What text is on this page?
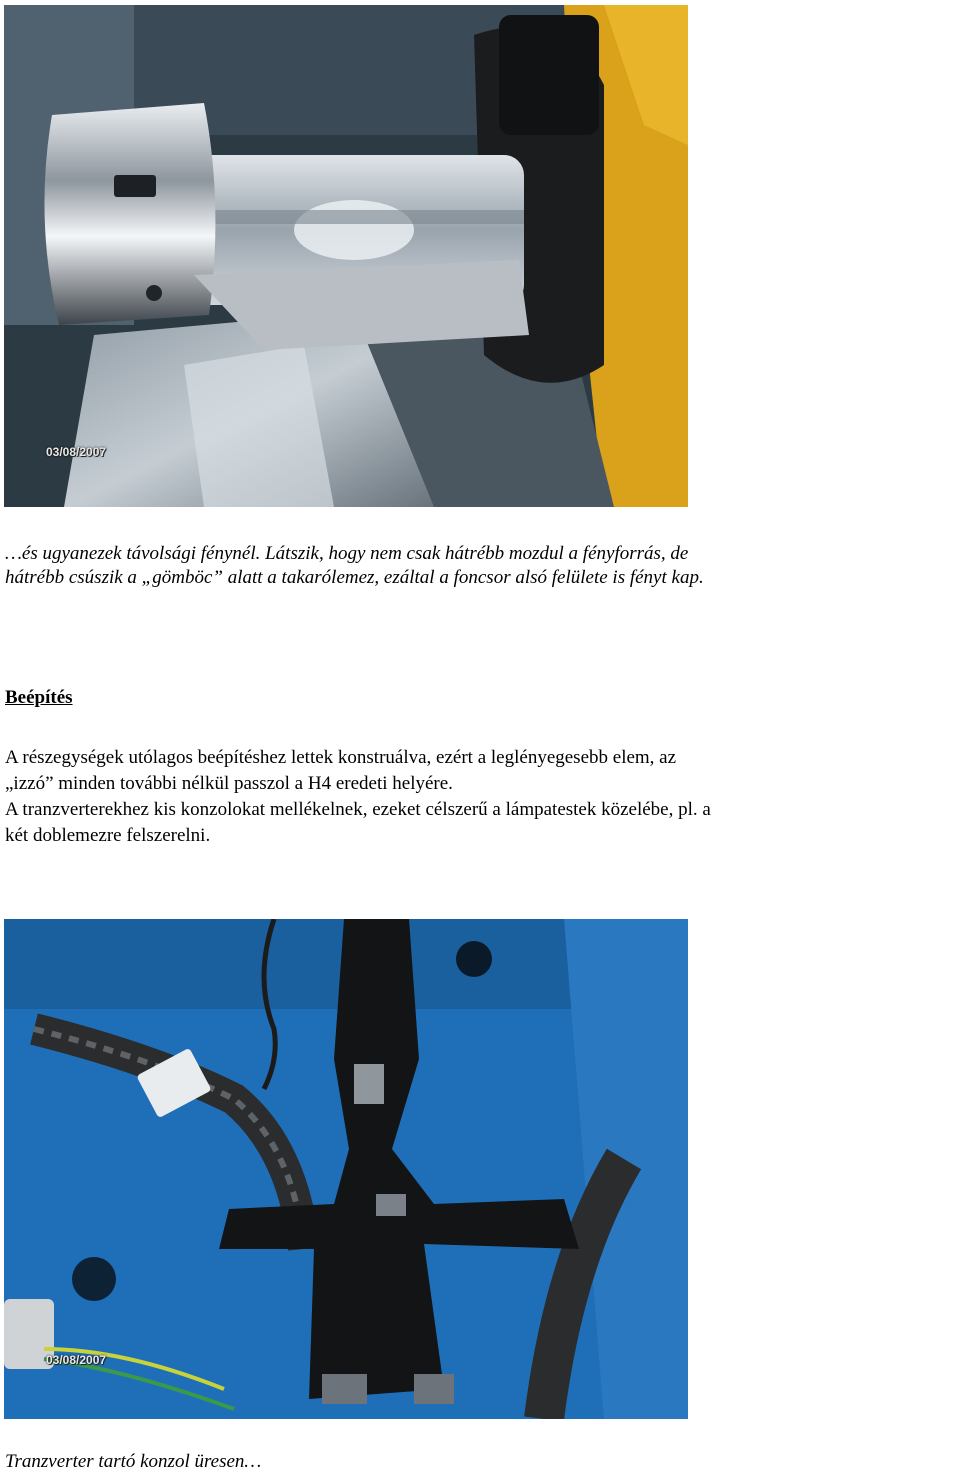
03/08/2007
…és ugyanezek távolsági fénynél. Látszik, hogy nem csak hátrébb mozdul a fényforrás, de
hátrébb csúszik a „gömböc” alatt a takarólemez, ezáltal a foncsor alsó felülete is fényt kap.
Beépítés
A részegységek utólagos beépítéshez lettek konstruálva, ezért a leglényegesebb elem, az
„izzó” minden további nélkül passzol a H4 eredeti helyére.
A tranzverterekhez kis konzolokat mellékelnek, ezeket célszerű a lámpatestek közelébe, pl. a
két doblemezre felszerelni.
03/08/2007
Tranzverter tartó konzol üresen…
